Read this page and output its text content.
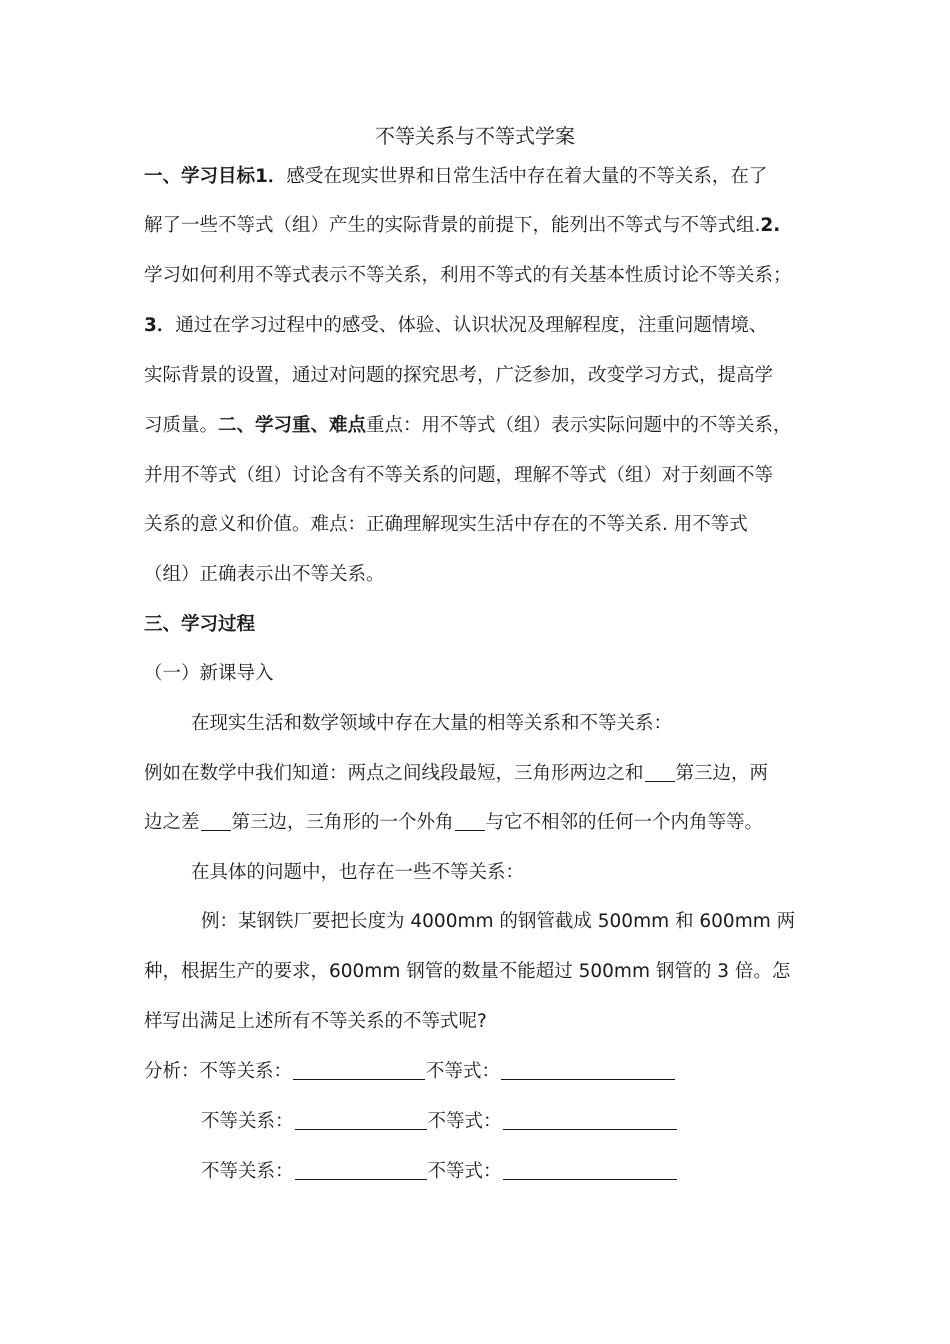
不等关系与不等式学案
一、学习目标1．感受在现实世界和日常生活中存在着大量的不等关系，在了
解了一些不等式（组）产生的实际背景的前提下，能列出不等式与不等式组.2.
学习如何利用不等式表示不等关系，利用不等式的有关基本性质讨论不等关系；
3．通过在学习过程中的感受、体验、认识状况及理解程度，注重问题情境、
实际背景的设置，通过对问题的探究思考，广泛参加，改变学习方式，提高学
习质量。二、学习重、难点重点：用不等式（组）表示实际问题中的不等关系，
并用不等式（组）讨论含有不等关系的问题，理解不等式（组）对于刻画不等
关系的意义和价值。难点：正确理解现实生活中存在的不等关系. 用不等式
（组）正确表示出不等关系。
三、学习过程
（一）新课导入
在现实生活和数学领域中存在大量的相等关系和不等关系：
例如在数学中我们知道：两点之间线段最短，三角形两边之和 第三边，两
边之差 第三边，三角形的一个外角 与它不相邻的任何一个内角等等。
在具体的问题中，也存在一些不等关系：
例：某钢铁厂要把长度为 4000mm 的钢管截成 500mm 和 600mm 两
种，根据生产的要求，600mm 钢管的数量不能超过 500mm 钢管的 3 倍。怎
样写出满足上述所有不等关系的不等式呢?
分析：不等关系：	不等式：
不等关系：	不等式：
不等关系：	不等式：
